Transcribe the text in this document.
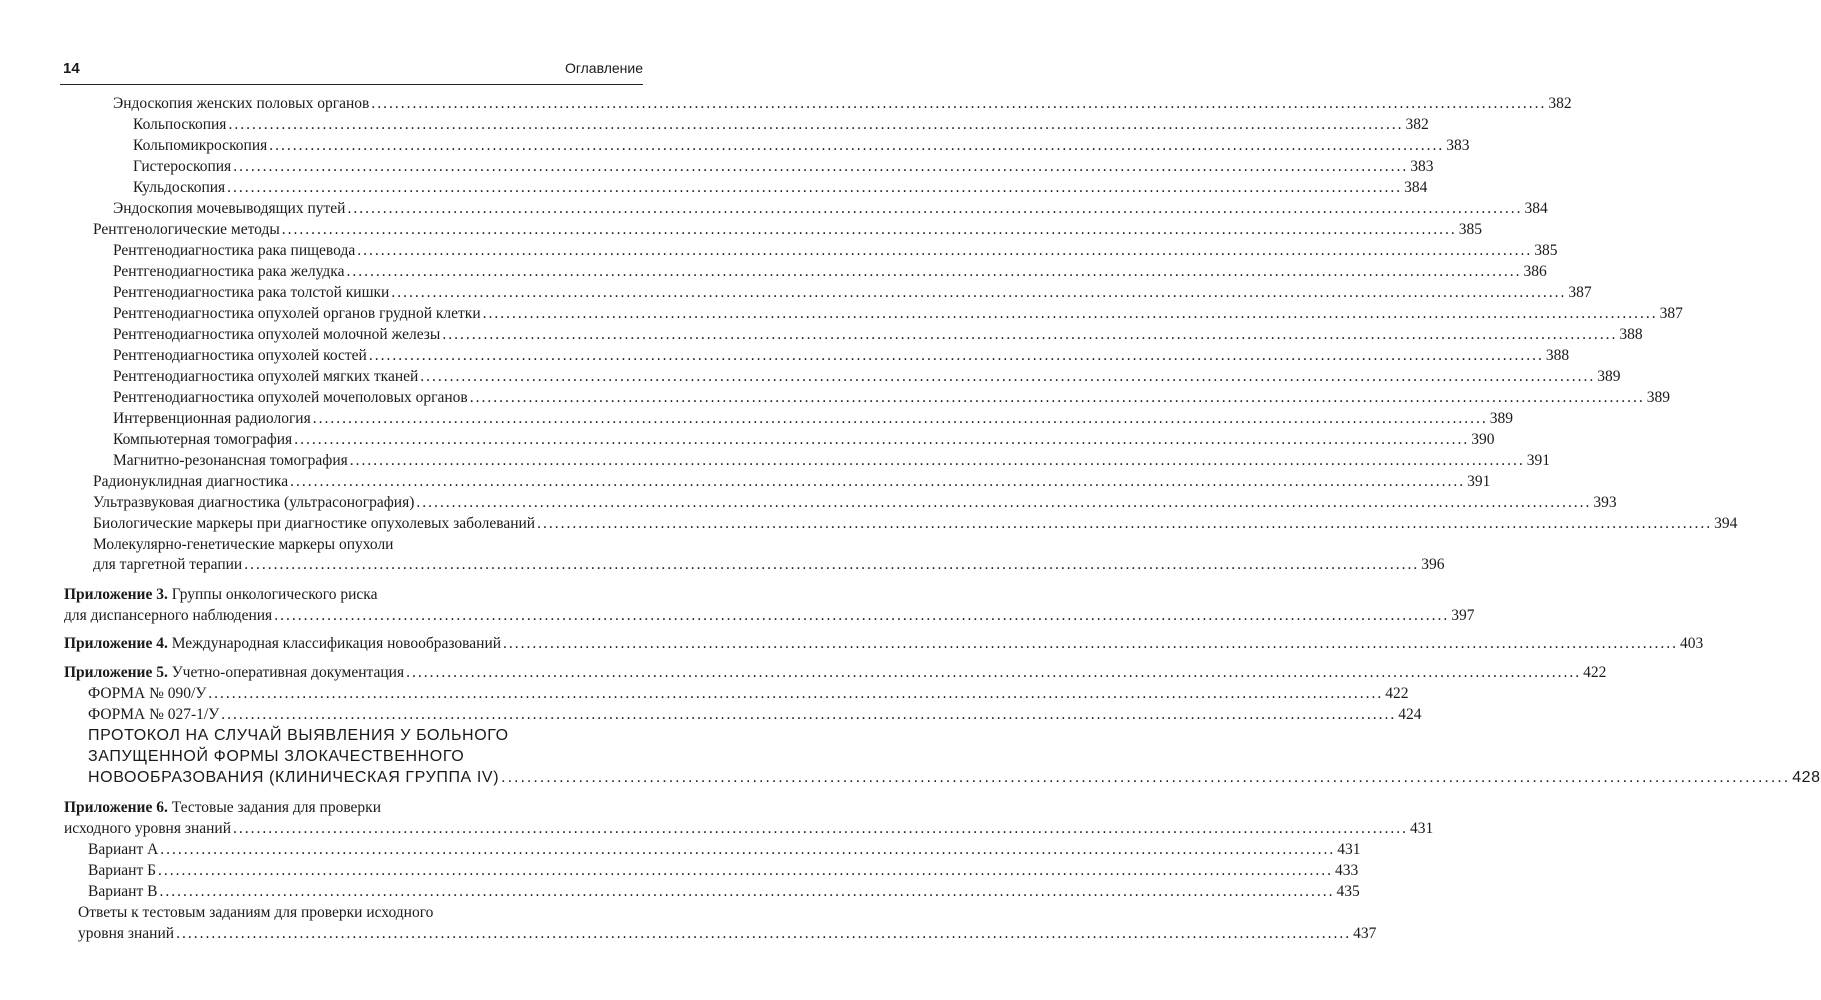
14	Оглавление
Эндоскопия женских половых органов ........................................................................................................................................................................................................ 382
Кольпоскопия ........................................................................................................................................................................................................ 382
Кольпомикроскопия ........................................................................................................................................................................................................ 383
Гистероскопия ........................................................................................................................................................................................................ 383
Кульдоскопия ........................................................................................................................................................................................................ 384
Эндоскопия мочевыводящих путей ........................................................................................................................................................................................................ 384
Рентгенологические методы ........................................................................................................................................................................................................ 385
Рентгенодиагностика рака пищевода ........................................................................................................................................................................................................ 385
Рентгенодиагностика рака желудка ........................................................................................................................................................................................................ 386
Рентгенодиагностика рака толстой кишки ........................................................................................................................................................................................................ 387
Рентгенодиагностика опухолей органов грудной клетки ........................................................................................................................................................................................................ 387
Рентгенодиагностика опухолей молочной железы ........................................................................................................................................................................................................ 388
Рентгенодиагностика опухолей костей ........................................................................................................................................................................................................ 388
Рентгенодиагностика опухолей мягких тканей ........................................................................................................................................................................................................ 389
Рентгенодиагностика опухолей мочеполовых органов ........................................................................................................................................................................................................ 389
Интервенционная радиология ........................................................................................................................................................................................................ 389
Компьютерная томография ........................................................................................................................................................................................................ 390
Магнитно-резонансная томография ........................................................................................................................................................................................................ 391
Радионуклидная диагностика ........................................................................................................................................................................................................ 391
Ультразвуковая диагностика (ультрасонография) ........................................................................................................................................................................................................ 393
Биологические маркеры при диагностике опухолевых заболеваний ........................................................................................................................................................................................................ 394
Молекулярно-генетические маркеры опухоли
для таргетной терапии ........................................................................................................................................................................................................ 396
Приложение 3. Группы онкологического риска
для диспансерного наблюдения ........................................................................................................................................................................................................ 397
Приложение 4. Международная классификация новообразований ........................................................................................................................................................................................................ 403
Приложение 5. Учетно-оперативная документация ........................................................................................................................................................................................................ 422
ФОРМА № 090/У ........................................................................................................................................................................................................ 422
ФОРМА № 027-1/У ........................................................................................................................................................................................................ 424
ПРОТОКОЛ НА СЛУЧАЙ ВЫЯВЛЕНИЯ У БОЛЬНОГО
ЗАПУЩЕННОЙ ФОРМЫ ЗЛОКАЧЕСТВЕННОГО
НОВООБРАЗОВАНИЯ (КЛИНИЧЕСКАЯ ГРУППА IV) ........................................................................................................................................................................................................ 428
Приложение 6. Тестовые задания для проверки
исходного уровня знаний ........................................................................................................................................................................................................ 431
Вариант А ........................................................................................................................................................................................................ 431
Вариант Б ........................................................................................................................................................................................................ 433
Вариант В ........................................................................................................................................................................................................ 435
Ответы к тестовым заданиям для проверки исходного
уровня знаний ........................................................................................................................................................................................................ 437
